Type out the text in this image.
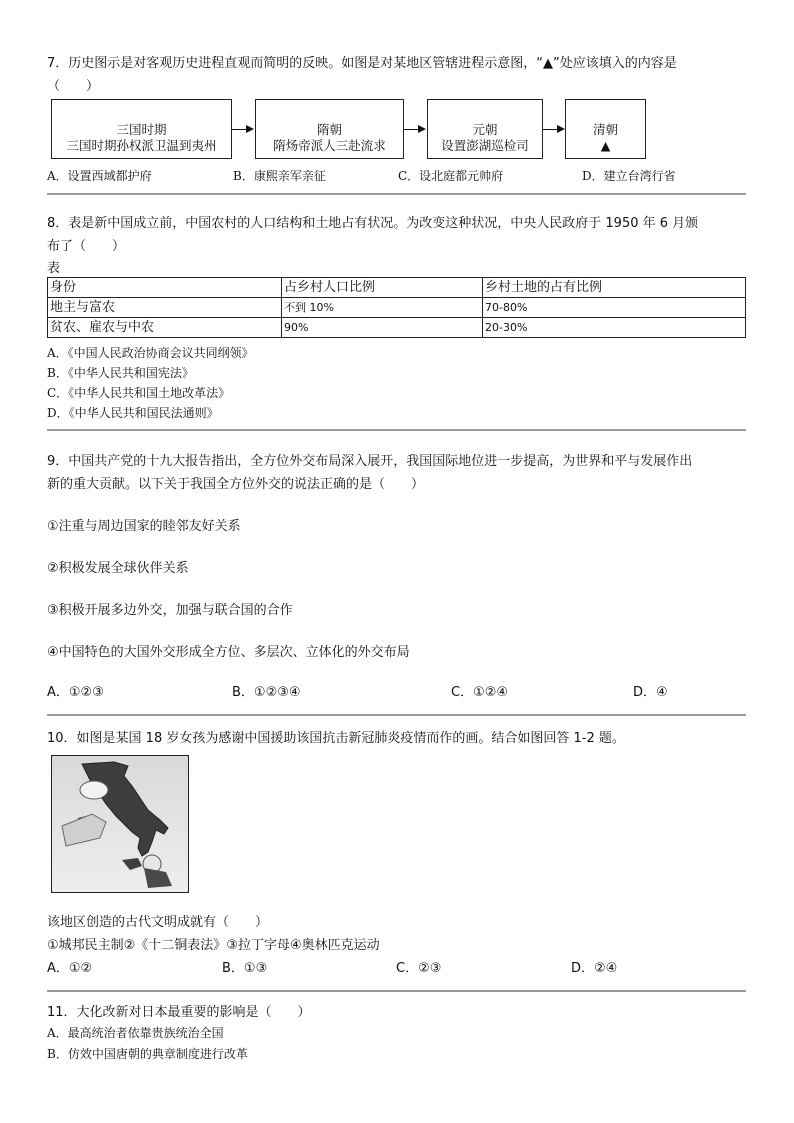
7．历史图示是对客观历史进程直观而简明的反映。如图是对某地区管辖进程示意图，“▲”处应该填入的内容是
（　　）
三国时期
三国时期孙权派卫温到夷州
隋朝
隋炀帝派人三赴流求
元朝
设置澎湖巡检司
清朝
▲
A．设置西域都护府	B．康熙亲军亲征	C．设北庭都元帅府	D．建立台湾行省
8．表是新中国成立前，中国农村的人口结构和土地占有状况。为改变这种状况，中央人民政府于 1950 年 6 月颁
布了（　　）
表
身份	占乡村人口比例	乡村土地的占有比例
地主与富农	不到 10%	70-80%
贫农、雇农与中农	90%	20-30%
A．《中国人民政治协商会议共同纲领》
B．《中华人民共和国宪法》
C．《中华人民共和国土地改革法》
D．《中华人民共和国民法通则》
9．中国共产党的十九大报告指出，全方位外交布局深入展开，我国国际地位进一步提高，为世界和平与发展作出
新的重大贡献。以下关于我国全方位外交的说法正确的是（　　）
①注重与周边国家的睦邻友好关系
②积极发展全球伙伴关系
③积极开展多边外交，加强与联合国的合作
④中国特色的大国外交形成全方位、多层次、立体化的外交布局
A．①②③	B．①②③④	C．①②④	D．④
10．如图是某国 18 岁女孩为感谢中国援助该国抗击新冠肺炎疫情而作的画。结合如图回答 1-2 题。
该地区创造的古代文明成就有（　　）
①城邦民主制②《十二铜表法》③拉丁字母④奥林匹克运动
A．①②	B．①③	C．②③	D．②④
11．大化改新对日本最重要的影响是（　　）
A．最高统治者依靠贵族统治全国
B．仿效中国唐朝的典章制度进行改革
